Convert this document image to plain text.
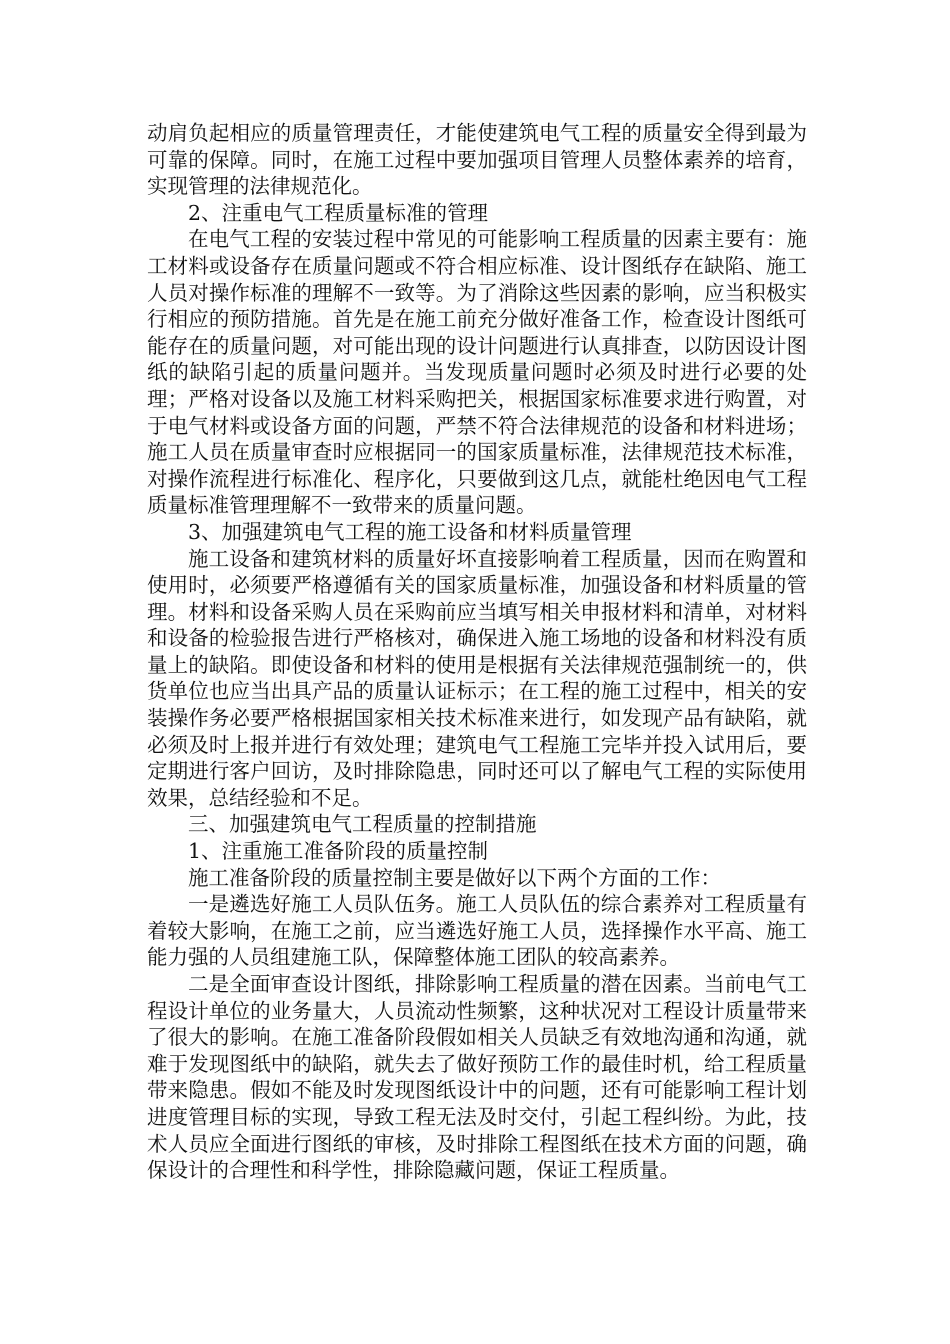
动肩负起相应的质量管理责任，才能使建筑电气工程的质量安全得到最为可靠的保障。同时，在施工过程中要加强项目管理人员整体素养的培育，实现管理的法律规范化。

2、注重电气工程质量标准的管理

在电气工程的安装过程中常见的可能影响工程质量的因素主要有：施工材料或设备存在质量问题或不符合相应标准、设计图纸存在缺陷、施工人员对操作标准的理解不一致等。为了消除这些因素的影响，应当积极实行相应的预防措施。首先是在施工前充分做好准备工作，检查设计图纸可能存在的质量问题，对可能出现的设计问题进行认真排查，以防因设计图纸的缺陷引起的质量问题并。当发现质量问题时必须及时进行必要的处理；严格对设备以及施工材料采购把关，根据国家标准要求进行购置，对于电气材料或设备方面的问题，严禁不符合法律规范的设备和材料进场；施工人员在质量审查时应根据同一的国家质量标准，法律规范技术标准，对操作流程进行标准化、程序化，只要做到这几点，就能杜绝因电气工程质量标准管理理解不一致带来的质量问题。

3、加强建筑电气工程的施工设备和材料质量管理

施工设备和建筑材料的质量好坏直接影响着工程质量，因而在购置和使用时，必须要严格遵循有关的国家质量标准，加强设备和材料质量的管理。材料和设备采购人员在采购前应当填写相关申报材料和清单，对材料和设备的检验报告进行严格核对，确保进入施工场地的设备和材料没有质量上的缺陷。即使设备和材料的使用是根据有关法律规范强制统一的，供货单位也应当出具产品的质量认证标示；在工程的施工过程中，相关的安装操作务必要严格根据国家相关技术标准来进行，如发现产品有缺陷，就必须及时上报并进行有效处理；建筑电气工程施工完毕并投入试用后，要定期进行客户回访，及时排除隐患，同时还可以了解电气工程的实际使用效果，总结经验和不足。

三、加强建筑电气工程质量的控制措施

1、注重施工准备阶段的质量控制

施工准备阶段的质量控制主要是做好以下两个方面的工作：

一是遴选好施工人员队伍务。施工人员队伍的综合素养对工程质量有着较大影响，在施工之前，应当遴选好施工人员，选择操作水平高、施工能力强的人员组建施工队，保障整体施工团队的较高素养。

二是全面审查设计图纸，排除影响工程质量的潜在因素。当前电气工程设计单位的业务量大，人员流动性频繁，这种状况对工程设计质量带来了很大的影响。在施工准备阶段假如相关人员缺乏有效地沟通和沟通，就难于发现图纸中的缺陷，就失去了做好预防工作的最佳时机，给工程质量带来隐患。假如不能及时发现图纸设计中的问题，还有可能影响工程计划进度管理目标的实现，导致工程无法及时交付，引起工程纠纷。为此，技术人员应全面进行图纸的审核，及时排除工程图纸在技术方面的问题，确保设计的合理性和科学性，排除隐藏问题，保证工程质量。
